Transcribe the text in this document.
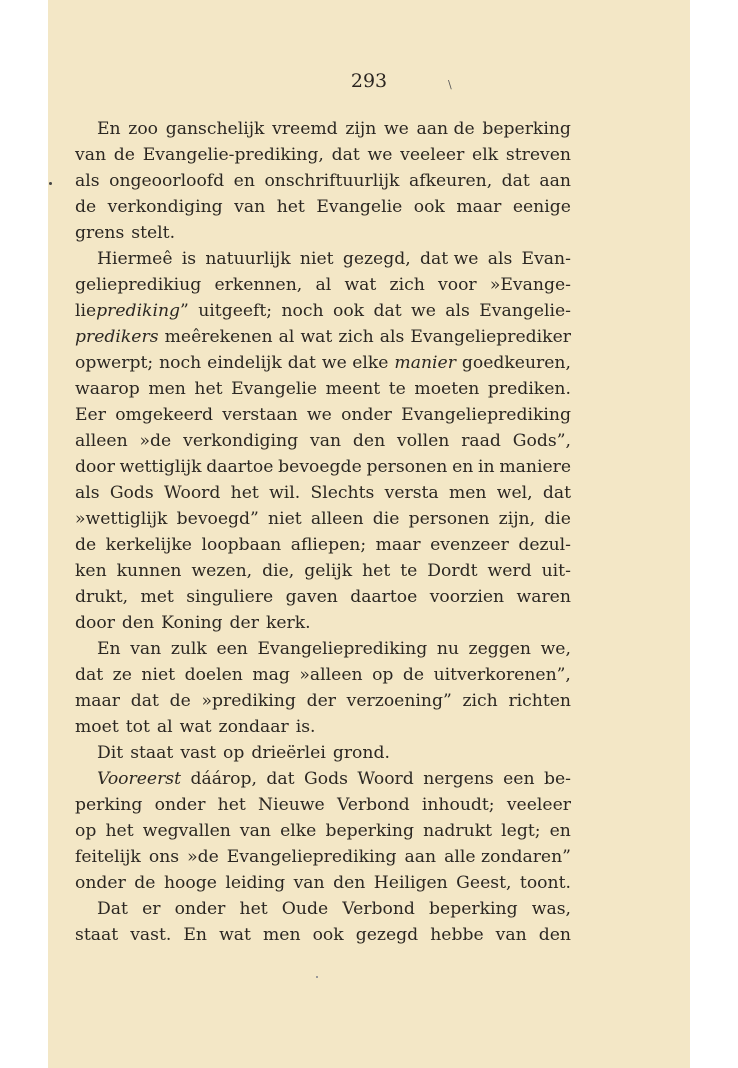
293	\
En zoo ganschelijk vreemd zijn we aan de beperking
van de Evangelie-prediking, dat we veeleer elk streven
als ongeoorloofd en onschriftuurlijk afkeuren, dat aan
de verkondiging van het Evangelie ook maar eenige
grens stelt.
Hiermeê is natuurlijk niet gezegd, dat we als Evan-
geliepredikiug erkennen, al wat zich voor »Evange-
lieprediking” uitgeeft; noch ook dat we als Evangelie-
predikers meêrekenen al wat zich als Evangelieprediker
opwerpt; noch eindelijk dat we elke manier goedkeuren,
waarop men het Evangelie meent te moeten prediken.
Eer omgekeerd verstaan we onder Evangelieprediking
alleen »de verkondiging van den vollen raad Gods”,
door wettiglijk daartoe bevoegde personen en in maniere
als Gods Woord het wil. Slechts versta men wel, dat
»wettiglijk bevoegd” niet alleen die personen zijn, die
de kerkelijke loopbaan afliepen; maar evenzeer dezul-
ken kunnen wezen, die, gelijk het te Dordt werd uit-
drukt, met singuliere gaven daartoe voorzien waren
door den Koning der kerk.
En van zulk een Evangelieprediking nu zeggen we,
dat ze niet doelen mag »alleen op de uitverkorenen”,
maar dat de »prediking der verzoening” zich richten
moet tot al wat zondaar is.
Dit staat vast op drieërlei grond.
Vooreerst dáárop, dat Gods Woord nergens een be-
perking onder het Nieuwe Verbond inhoudt; veeleer
op het wegvallen van elke beperking nadrukt legt; en
feitelijk ons »de Evangelieprediking aan alle zondaren”
onder de hooge leiding van den Heiligen Geest, toont.
Dat er onder het Oude Verbond beperking was,
staat vast. En wat men ook gezegd hebbe van den
